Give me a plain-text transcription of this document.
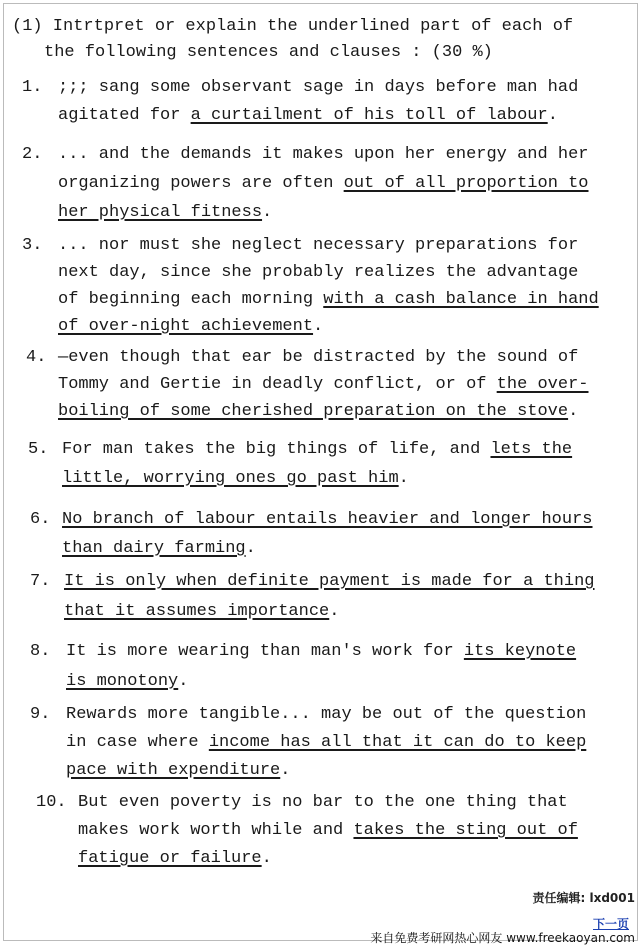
(1) Intrtpret or explain the underlined part of each of
the following sentences and clauses : (30 %)
1. ;;; sang some observant sage in days before man had
agitated for a curtailment of his toll of labour.
2. ... and the demands it makes upon her energy and her
organizing powers are often out of all proportion to
her physical fitness.
3. ... nor must she neglect necessary preparations for
next day, since she probably realizes the advantage
of beginning each morning with a cash balance in hand
of over-night achievement.
4. —even though that ear be distracted by the sound of
Tommy and Gertie in deadly conflict, or of the over-
boiling of some cherished preparation on the stove.
5. For man takes the big things of life, and lets the
little, worrying ones go past him.
6. No branch of labour entails heavier and longer hours
than dairy farming.
7. It is only when definite payment is made for a thing
that it assumes importance.
8. It is more wearing than man's work for its keynote
is monotony.
9. Rewards more tangible... may be out of the question
in case where income has all that it can do to keep
pace with expenditure.
10. But even poverty is no bar to the one thing that
makes work worth while and takes the sting out of
fatigue or failure.
责任编辑: lxd001
下一页
来自免费考研网热心网友 www.freekaoyan.com
